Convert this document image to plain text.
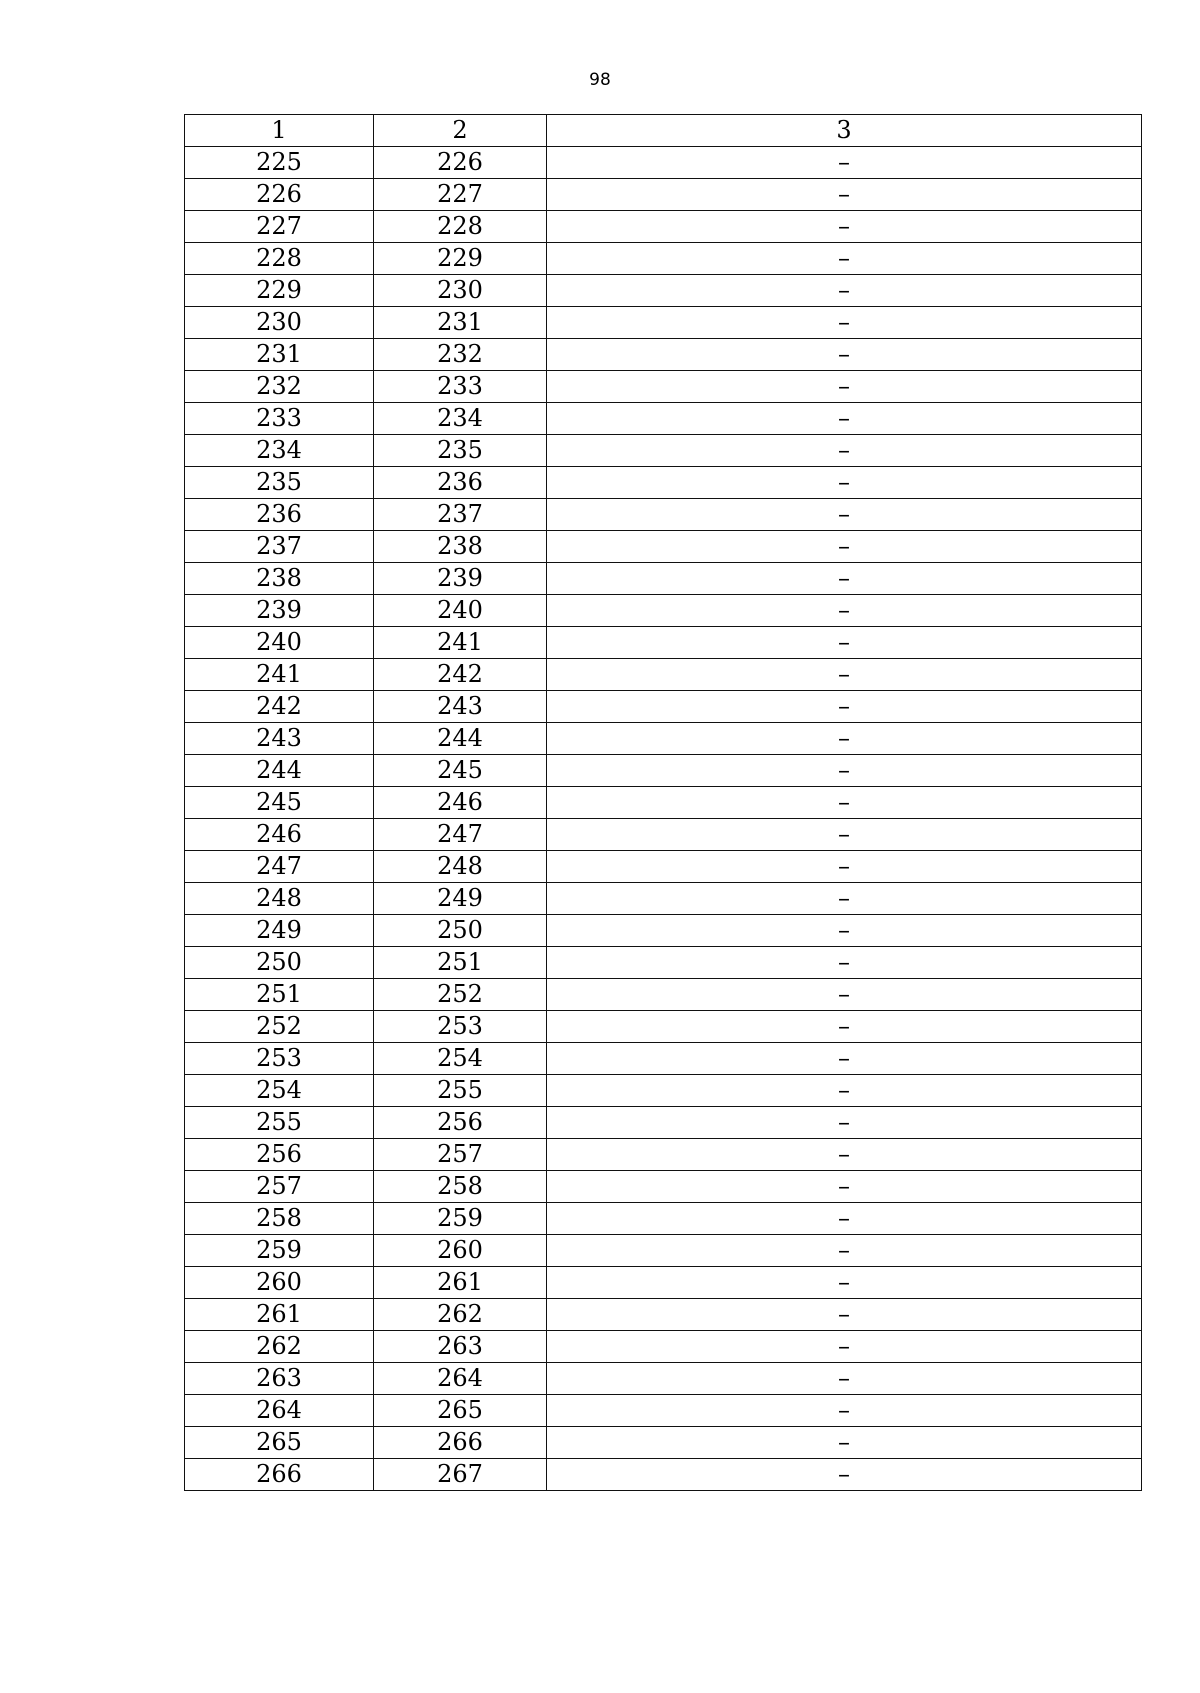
98
1	2	3
225	226	–
226	227	–
227	228	–
228	229	–
229	230	–
230	231	–
231	232	–
232	233	–
233	234	–
234	235	–
235	236	–
236	237	–
237	238	–
238	239	–
239	240	–
240	241	–
241	242	–
242	243	–
243	244	–
244	245	–
245	246	–
246	247	–
247	248	–
248	249	–
249	250	–
250	251	–
251	252	–
252	253	–
253	254	–
254	255	–
255	256	–
256	257	–
257	258	–
258	259	–
259	260	–
260	261	–
261	262	–
262	263	–
263	264	–
264	265	–
265	266	–
266	267	–
